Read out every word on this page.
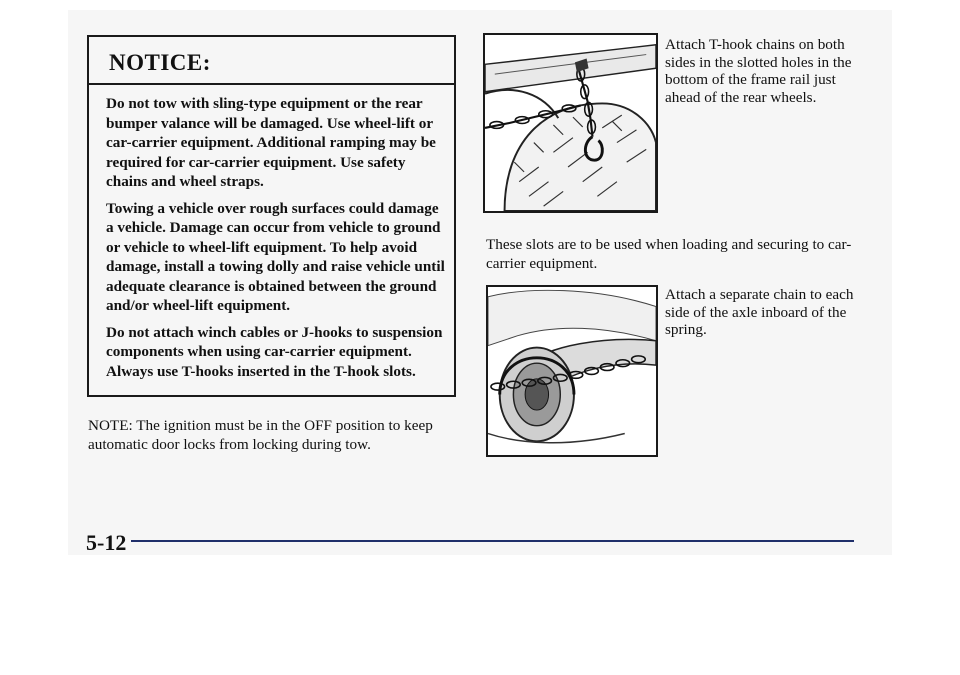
NOTICE:

Do not tow with sling-type equipment or the rear bumper valance will be damaged. Use wheel-lift or car-carrier equipment. Additional ramping may be required for car-carrier equipment. Use safety chains and wheel straps.

Towing a vehicle over rough surfaces could damage a vehicle. Damage can occur from vehicle to ground or vehicle to wheel-lift equipment. To help avoid damage, install a towing dolly and raise vehicle until adequate clearance is obtained between the ground and/or wheel-lift equipment.

Do not attach winch cables or J-hooks to suspension components when using car-carrier equipment. Always use T-hooks inserted in the T-hook slots.

NOTE: The ignition must be in the OFF position to keep automatic door locks from locking during tow.

Attach T-hook chains on both sides in the slotted holes in the bottom of the frame rail just ahead of the rear wheels.

These slots are to be used when loading and securing to car-carrier equipment.

Attach a separate chain to each side of the axle inboard of the spring.

5-12
